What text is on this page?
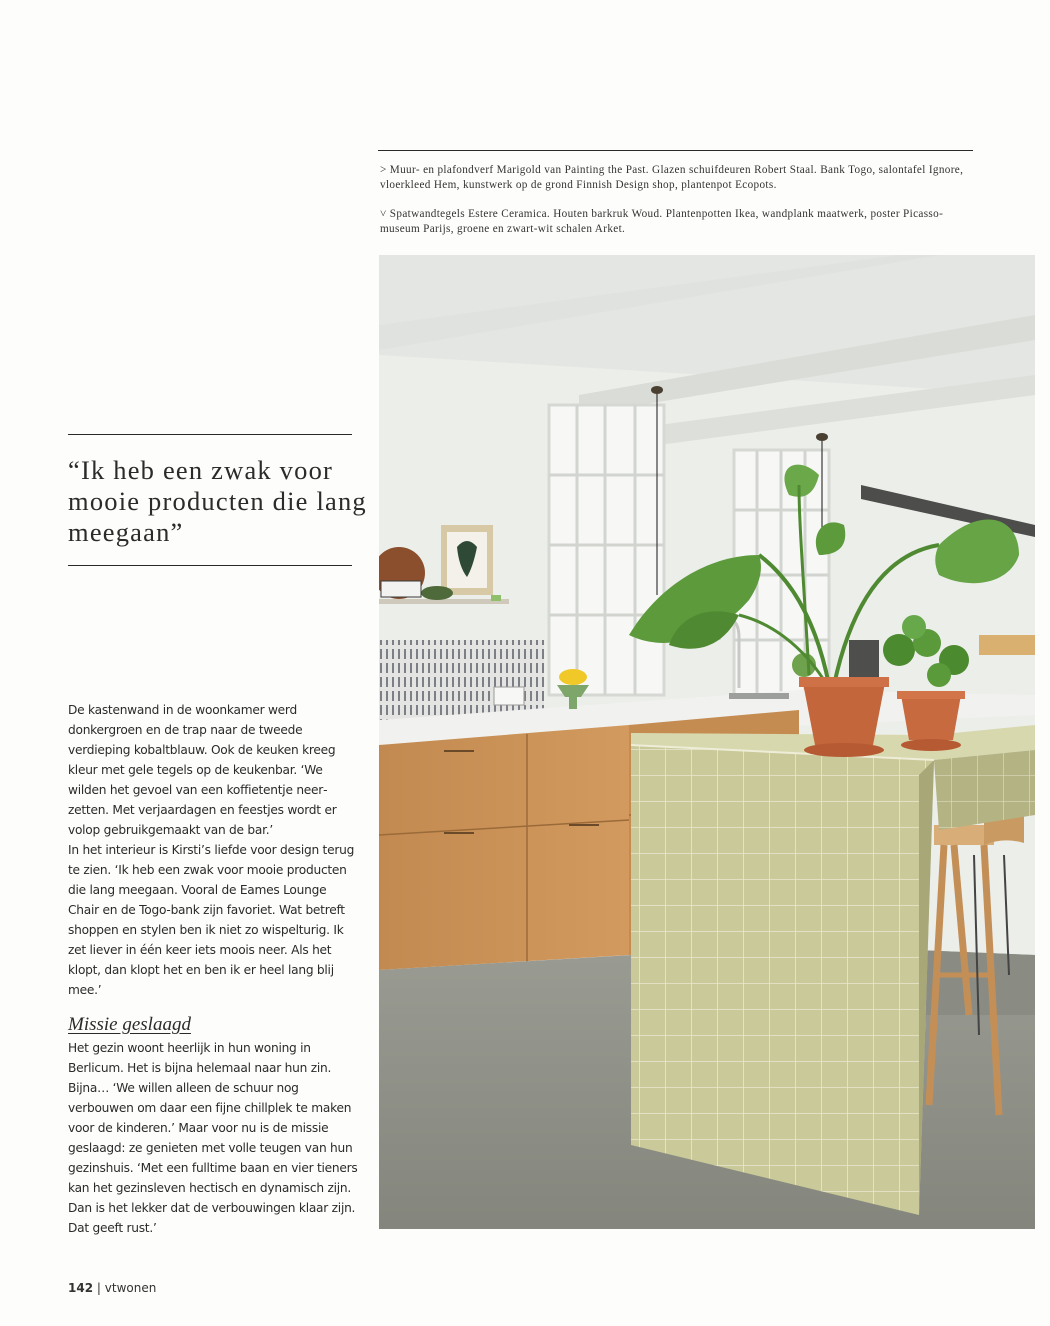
> Muur- en plafondverf Marigold van Painting the Past. Glazen schuifdeuren Robert Staal. Bank Togo, salontafel Ignore, vloerkleed Hem, kunstwerk op de grond Finnish Design shop, plantenpot Ecopots.

˅ Spatwandtegels Estere Ceramica. Houten barkruk Woud. Plantenpotten Ikea, wandplank maatwerk, poster Picasso-museum Parijs, groene en zwart-wit schalen Arket.

“Ik heb een zwak voor mooie producten die lang meegaan”

De kastenwand in de woonkamer werd donkergroen en de trap naar de tweede verdieping kobaltblauw. Ook de keuken kreeg kleur met gele tegels op de keukenbar. ‘We wilden het gevoel van een koffietentje neerzetten. Met verjaardagen en feestjes wordt er volop gebruikgemaakt van de bar.’

In het interieur is Kirsti’s liefde voor design terug te zien. ‘Ik heb een zwak voor mooie producten die lang meegaan. Vooral de Eames Lounge Chair en de Togo-bank zijn favoriet. Wat betreft shoppen en stylen ben ik niet zo wispelturig. Ik zet liever in één keer iets moois neer. Als het klopt, dan klopt het en ben ik er heel lang blij mee.’

Missie geslaagd

Het gezin woont heerlijk in hun woning in Berlicum. Het is bijna helemaal naar hun zin. Bijna… ‘We willen alleen de schuur nog verbouwen om daar een fijne chillplek te maken voor de kinderen.’ Maar voor nu is de missie geslaagd: ze genieten met volle teugen van hun gezinshuis. ‘Met een fulltime baan en vier tieners kan het gezinsleven hectisch en dynamisch zijn. Dan is het lekker dat de verbouwingen klaar zijn. Dat geeft rust.’

142 | vtwonen
